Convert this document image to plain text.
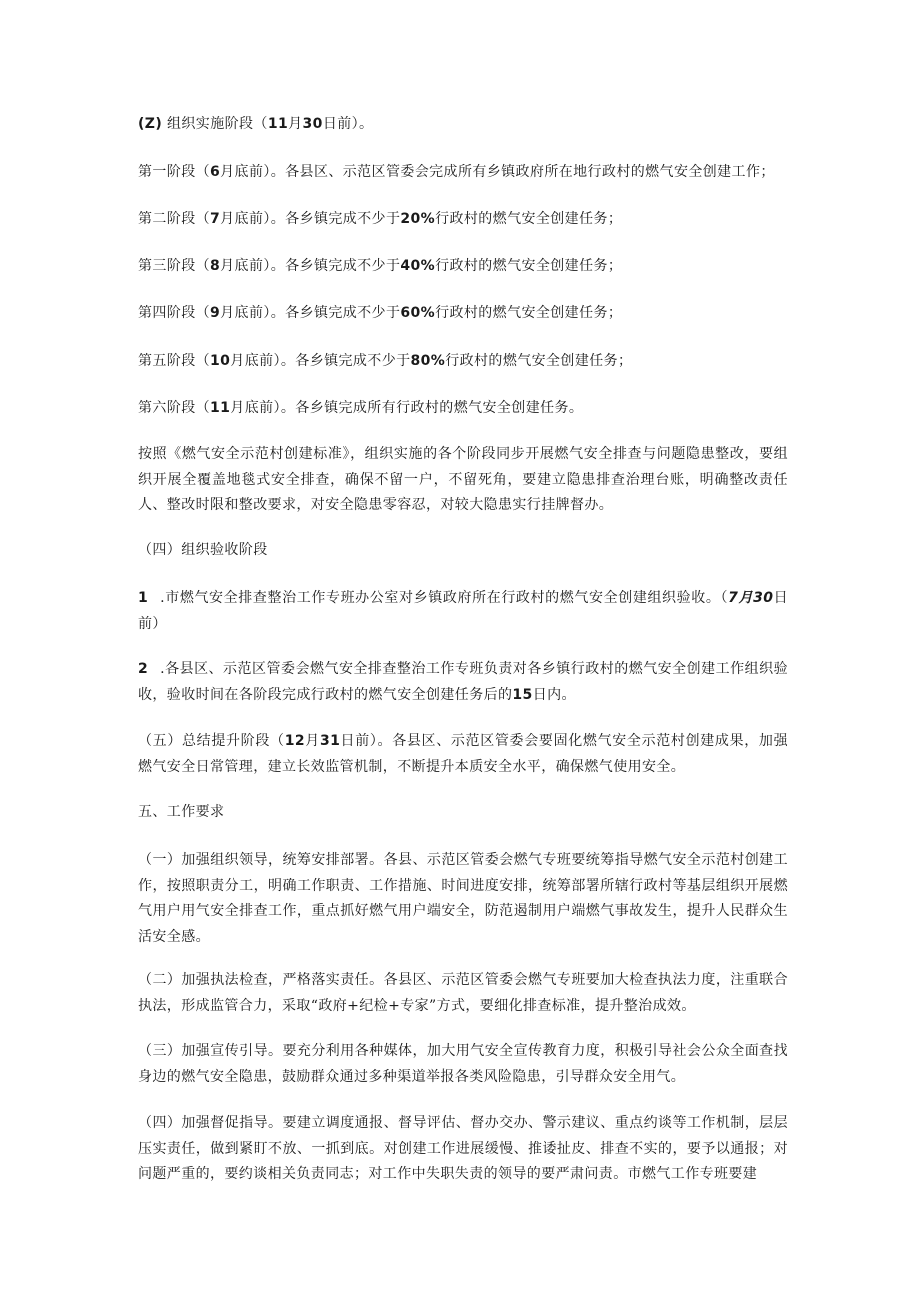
(Z) 组织实施阶段（11月30日前）。

第一阶段（6月底前）。各县区、示范区管委会完成所有乡镇政府所在地行政村的燃气安全创建工作；

第二阶段（7月底前）。各乡镇完成不少于20%行政村的燃气安全创建任务；

第三阶段（8月底前）。各乡镇完成不少于40%行政村的燃气安全创建任务；

第四阶段（9月底前）。各乡镇完成不少于60%行政村的燃气安全创建任务；

第五阶段（10月底前）。各乡镇完成不少于80%行政村的燃气安全创建任务；

第六阶段（11月底前）。各乡镇完成所有行政村的燃气安全创建任务。

按照《燃气安全示范村创建标准》，组织实施的各个阶段同步开展燃气安全排查与问题隐患整改，要组织开展全覆盖地毯式安全排查，确保不留一户，不留死角，要建立隐患排查治理台账，明确整改责任人、整改时限和整改要求，对安全隐患零容忍，对较大隐患实行挂牌督办。

（四）组织验收阶段

1 .市燃气安全排查整治工作专班办公室对乡镇政府所在行政村的燃气安全创建组织验收。（7月30日前）

2 .各县区、示范区管委会燃气安全排查整治工作专班负责对各乡镇行政村的燃气安全创建工作组织验收，验收时间在各阶段完成行政村的燃气安全创建任务后的15日内。

（五）总结提升阶段（12月31日前）。各县区、示范区管委会要固化燃气安全示范村创建成果，加强燃气安全日常管理，建立长效监管机制，不断提升本质安全水平，确保燃气使用安全。

五、工作要求

（一）加强组织领导，统筹安排部署。各县、示范区管委会燃气专班要统筹指导燃气安全示范村创建工作，按照职责分工，明确工作职责、工作措施、时间进度安排，统筹部署所辖行政村等基层组织开展燃气用户用气安全排查工作，重点抓好燃气用户端安全，防范遏制用户端燃气事故发生，提升人民群众生活安全感。

（二）加强执法检查，严格落实责任。各县区、示范区管委会燃气专班要加大检查执法力度，注重联合执法，形成监管合力，采取“政府+纪检+专家”方式，要细化排查标准，提升整治成效。

（三）加强宣传引导。要充分利用各种媒体，加大用气安全宣传教育力度，积极引导社会公众全面查找身边的燃气安全隐患，鼓励群众通过多种渠道举报各类风险隐患，引导群众安全用气。

（四）加强督促指导。要建立调度通报、督导评估、督办交办、警示建议、重点约谈等工作机制，层层压实责任，做到紧盯不放、一抓到底。对创建工作进展缓慢、推诿扯皮、排查不实的，要予以通报；对问题严重的，要约谈相关负责同志；对工作中失职失责的领导的要严肃问责。市燃气工作专班要建
